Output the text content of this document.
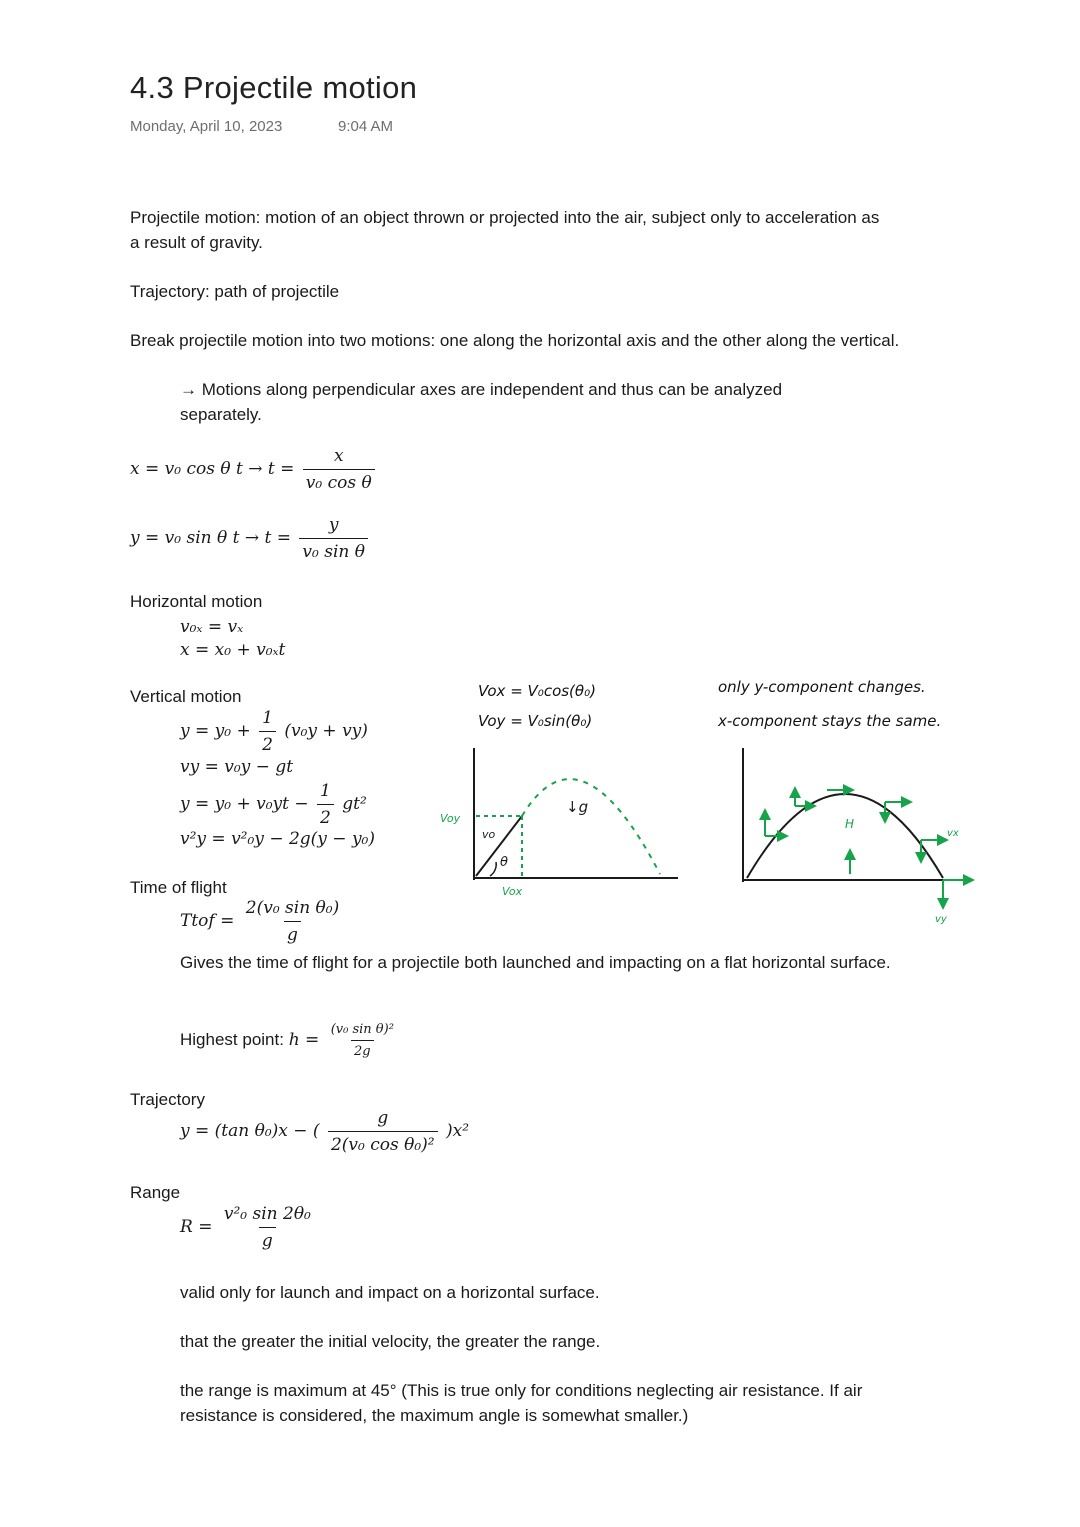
4.3 Projectile motion
Monday, April 10, 2023	9:04 AM
Projectile motion: motion of an object thrown or projected into the air, subject only to acceleration as a result of gravity.
Trajectory: path of projectile
Break projectile motion into two motions: one along the horizontal axis and the other along the vertical.
→ Motions along perpendicular axes are independent and thus can be analyzed separately.
x = v₀ cos θ $t \to t = \frac{x}{\text{v₀ cos θ}}$
y = v₀ sin θ $t \to t = \frac{y}{\text{v₀ sin θ}}$
Horizontal motion
v₀ₓ = vₓ
x = x₀ + v₀ₓt
Vertical motion
$y = y_0 + \frac{1}{2} (v_0y + vy)$
vy = v₀y − gt
$y = y_0 + v_0yt - \frac{1}{2} gt^2$
v²y = v²₀y − 2g(y − y₀)
Vox = V₀cos(θ₀)
Voy = V₀sin(θ₀)
only y-component changes.
x-component stays the same.
Voy
vo
θ
Vox
↓g
H
vx
vy
Time of flight
Ttof = $\frac{\text{2(v₀ sin θ₀)}}{g}$
Gives the time of flight for a projectile both launched and impacting on a flat horizontal surface.
Highest point: $h = \frac{\text{(v₀ sin θ)²}}{2g}$
Trajectory
y = (tan θ₀)x − ( $\frac{g}{\text{2(v₀ cos θ₀)²}} )x^2$
Range
$R = \frac{\text{v²₀ sin 2θ₀}}{g}$
valid only for launch and impact on a horizontal surface.
that the greater the initial velocity, the greater the range.
the range is maximum at 45° (This is true only for conditions neglecting air resistance. If air resistance is considered, the maximum angle is somewhat smaller.)
